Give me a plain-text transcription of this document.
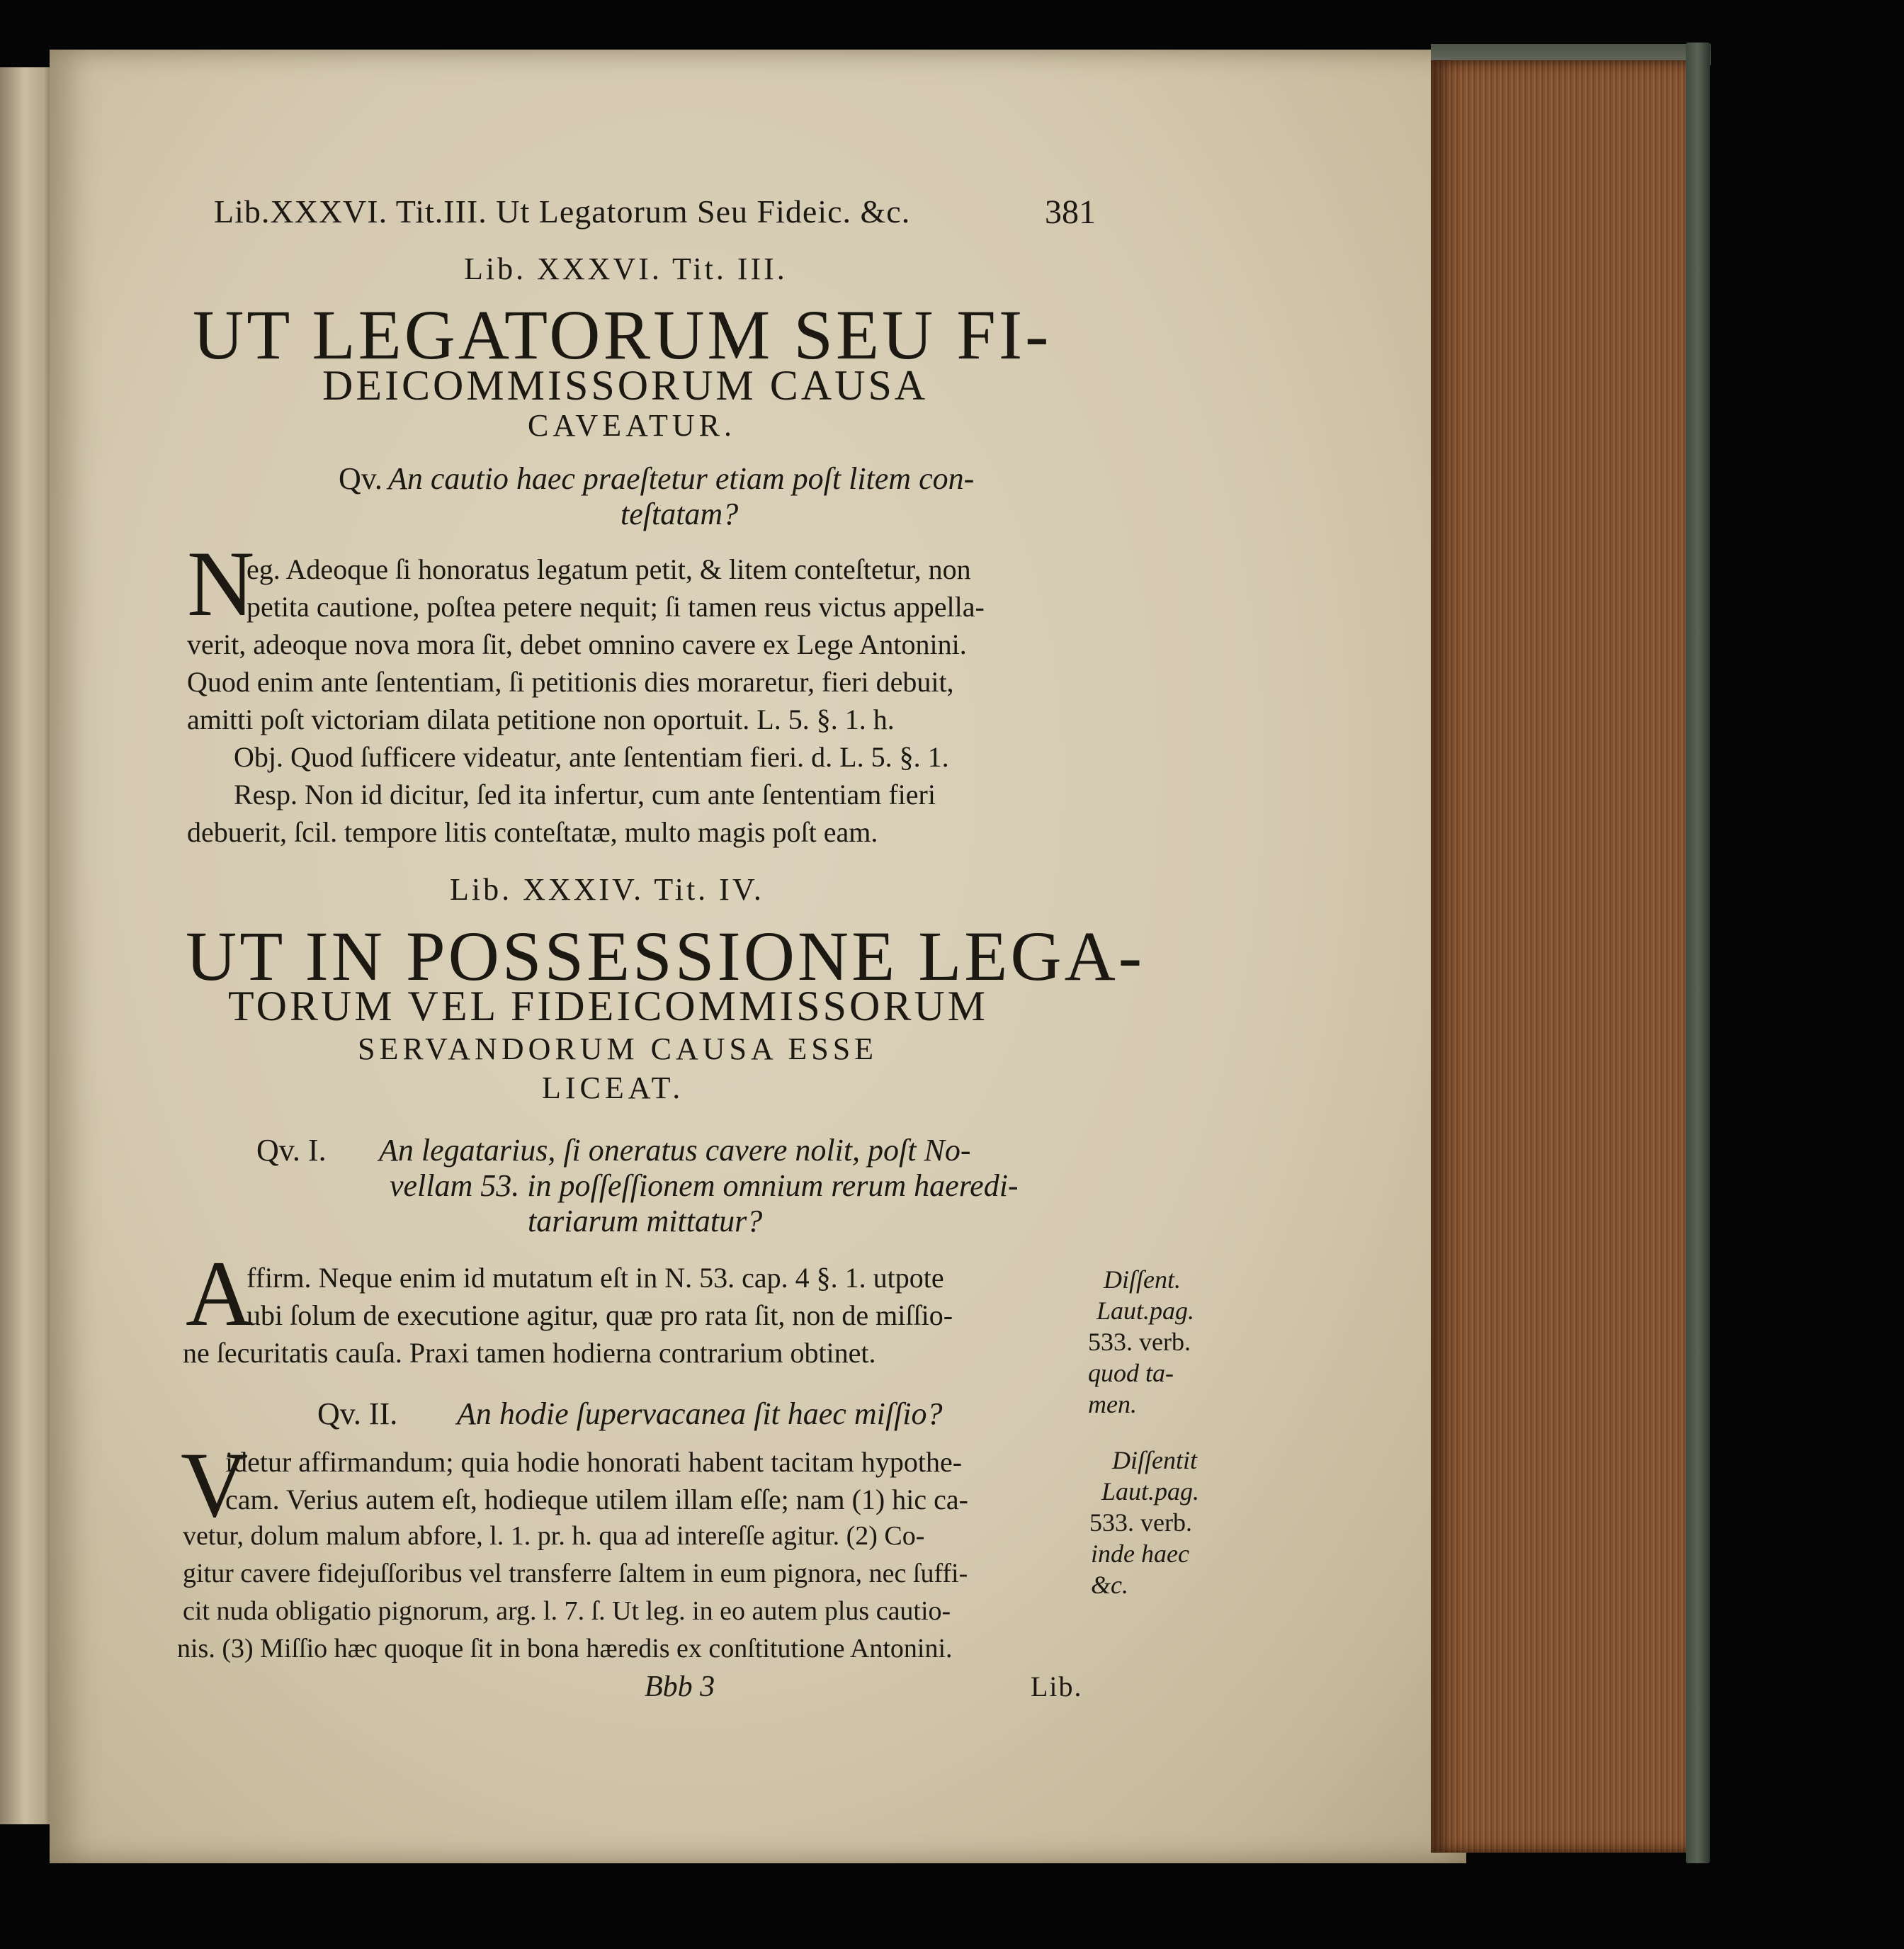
Lib.XXXVI. Tit.III. Ut Legatorum Seu Fideic. &c.	381
Lib. XXXVI. Tit. III.
UT LEGATORUM SEU FI-
DEICOMMISSORUM CAUSA
CAVEATUR.
Qv. An cautio haec praeſtetur etiam poſt litem con-
teſtatam?
N
eg. Adeoque ſi honoratus legatum petit, & litem conteſtetur, non
petita cautione, poſtea petere nequit; ſi tamen reus victus appella-
verit, adeoque nova mora ſit, debet omnino cavere ex Lege Antonini.
Quod enim ante ſententiam, ſi petitionis dies moraretur, fieri debuit,
amitti poſt victoriam dilata petitione non oportuit. L. 5. §. 1. h.
Obj. Quod ſufficere videatur, ante ſententiam fieri. d. L. 5. §. 1.
Resp. Non id dicitur, ſed ita infertur, cum ante ſententiam fieri
debuerit, ſcil. tempore litis conteſtatæ, multo magis poſt eam.
Lib. XXXIV. Tit. IV.
UT IN POSSESSIONE LEGA-
TORUM VEL FIDEICOMMISSORUM
SERVANDORUM CAUSA ESSE
LICEAT.
Qv. I. An legatarius, ſi oneratus cavere nolit, poſt No-
vellam 53. in poſſeſſionem omnium rerum haeredi-
tariarum mittatur?
A
ffirm. Neque enim id mutatum eſt in N. 53. cap. 4 §. 1. utpote
ubi ſolum de executione agitur, quæ pro rata ſit, non de miſſio-
ne ſecuritatis cauſa. Praxi tamen hodierna contrarium obtinet.
Diſſent.
Laut.pag.
533. verb.
quod ta-
men.
Qv. II. An hodie ſupervacanea ſit haec miſſio?
V
idetur affirmandum; quia hodie honorati habent tacitam hypothe-
cam. Verius autem eſt, hodieque utilem illam eſſe; nam (1) hic ca-
vetur, dolum malum abfore, l. 1. pr. h. qua ad intereſſe agitur. (2) Co-
gitur cavere fidejuſſoribus vel transferre ſaltem in eum pignora, nec ſuffi-
cit nuda obligatio pignorum, arg. l. 7. ſ. Ut leg. in eo autem plus cautio-
nis. (3) Miſſio hæc quoque ſit in bona hæredis ex conſtitutione Antonini.
Diſſentit
Laut.pag.
533. verb.
inde haec
&c.
Bbb 3	Lib.
